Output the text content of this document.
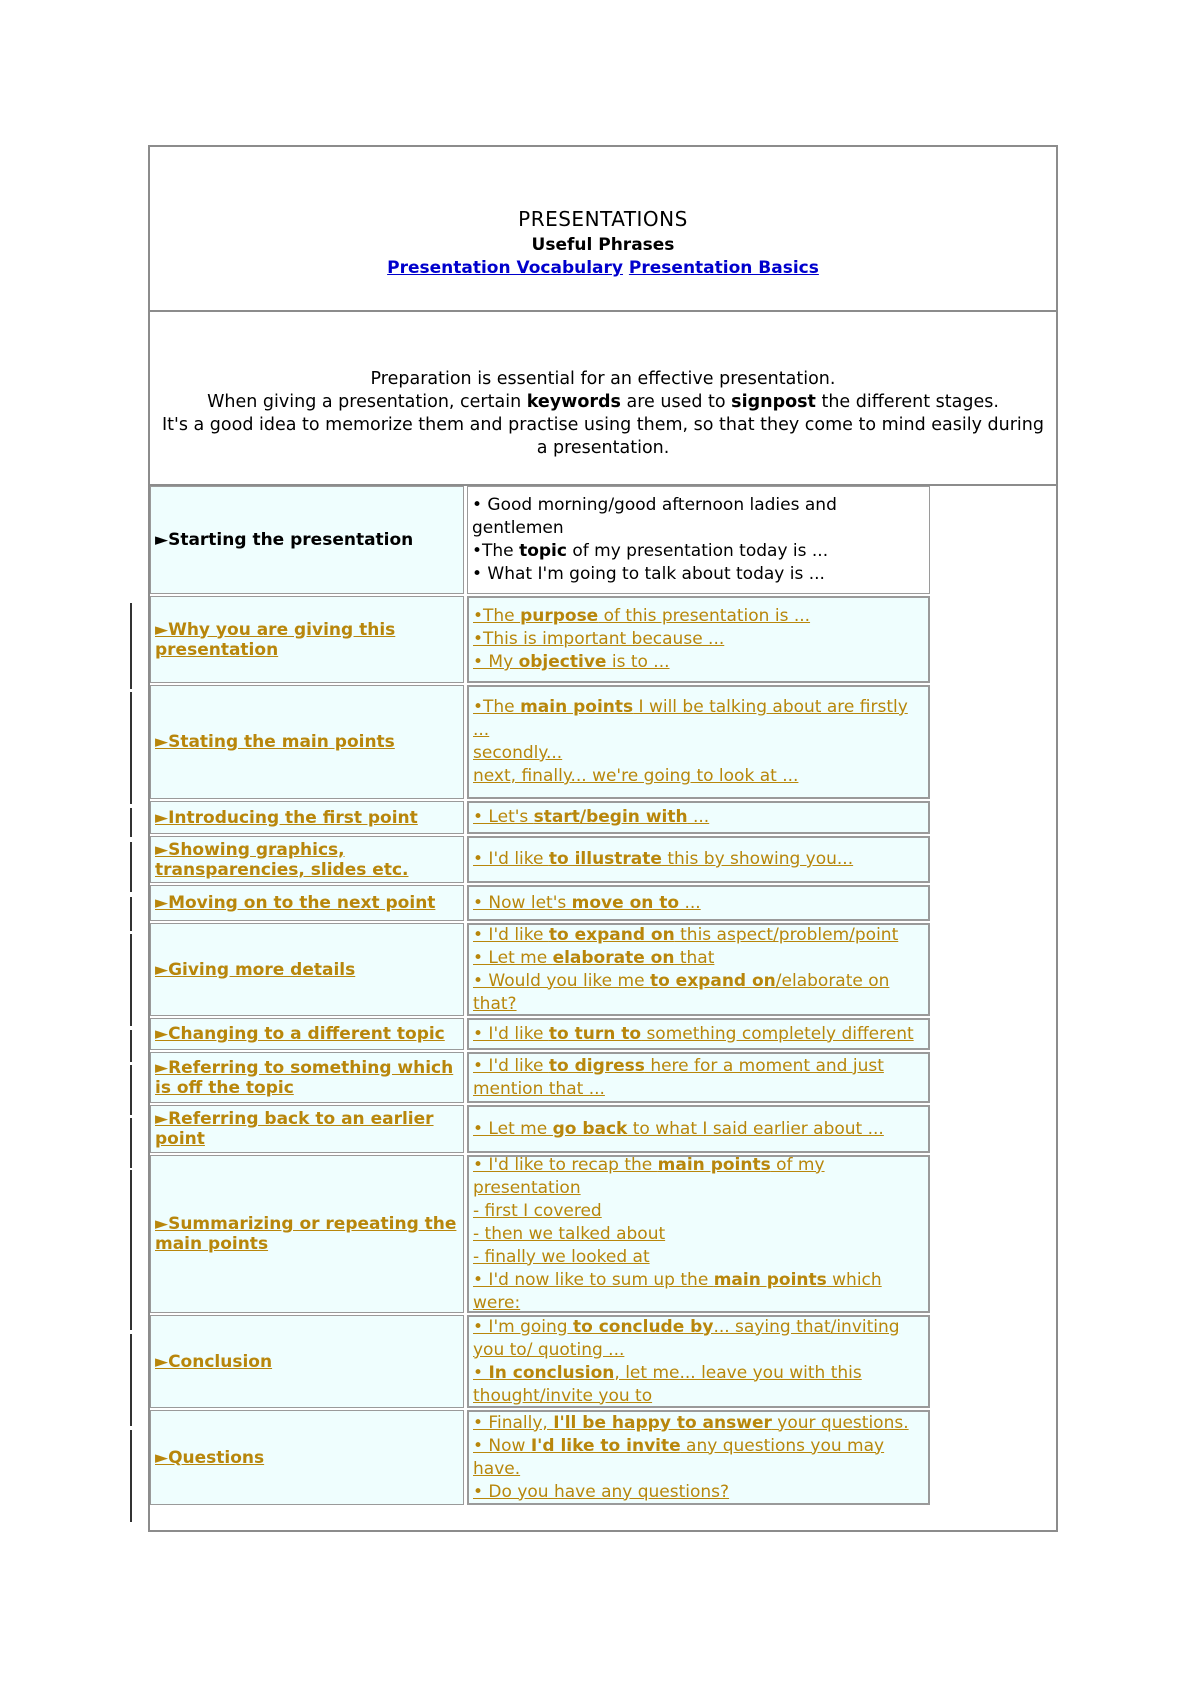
PRESENTATIONS
Useful Phrases
Presentation Vocabulary Presentation Basics
Preparation is essential for an effective presentation.
When giving a presentation, certain keywords are used to signpost the different stages.
It's a good idea to memorize them and practise using them, so that they come to mind easily during a presentation.
►Starting the presentation
• Good morning/good afternoon ladies and gentlemen
•The topic of my presentation today is ...
• What I'm going to talk about today is ...
►Why you are giving this presentation
•The purpose of this presentation is ...
•This is important because ...
• My objective is to ...
►Stating the main points
•The main points I will be talking about are firstly ...
secondly...
next, finally... we're going to look at ...
►Introducing the first point	• Let's start/begin with ...
►Showing graphics, transparencies, slides etc.
• I'd like to illustrate this by showing you...
►Moving on to the next point • Now let's move on to ...
►Giving more details
• I'd like to expand on this aspect/problem/point
• Let me elaborate on that
• Would you like me to expand on/elaborate on that?
►Changing to a different topic • I'd like to turn to something completely different
►Referring to something which is off the topic
• I'd like to digress here for a moment and just mention that ...
►Referring back to an earlier point
• Let me go back to what I said earlier about ...
►Summarizing or repeating the main points
• I'd like to recap the main points of my presentation
- first I covered
- then we talked about
- finally we looked at
• I'd now like to sum up the main points which were:
►Conclusion
• I'm going to conclude by... saying that/inviting you to/ quoting ...
• In conclusion, let me... leave you with this thought/invite you to
►Questions
• Finally, I'll be happy to answer your questions.
• Now I'd like to invite any questions you may have.
• Do you have any questions?
